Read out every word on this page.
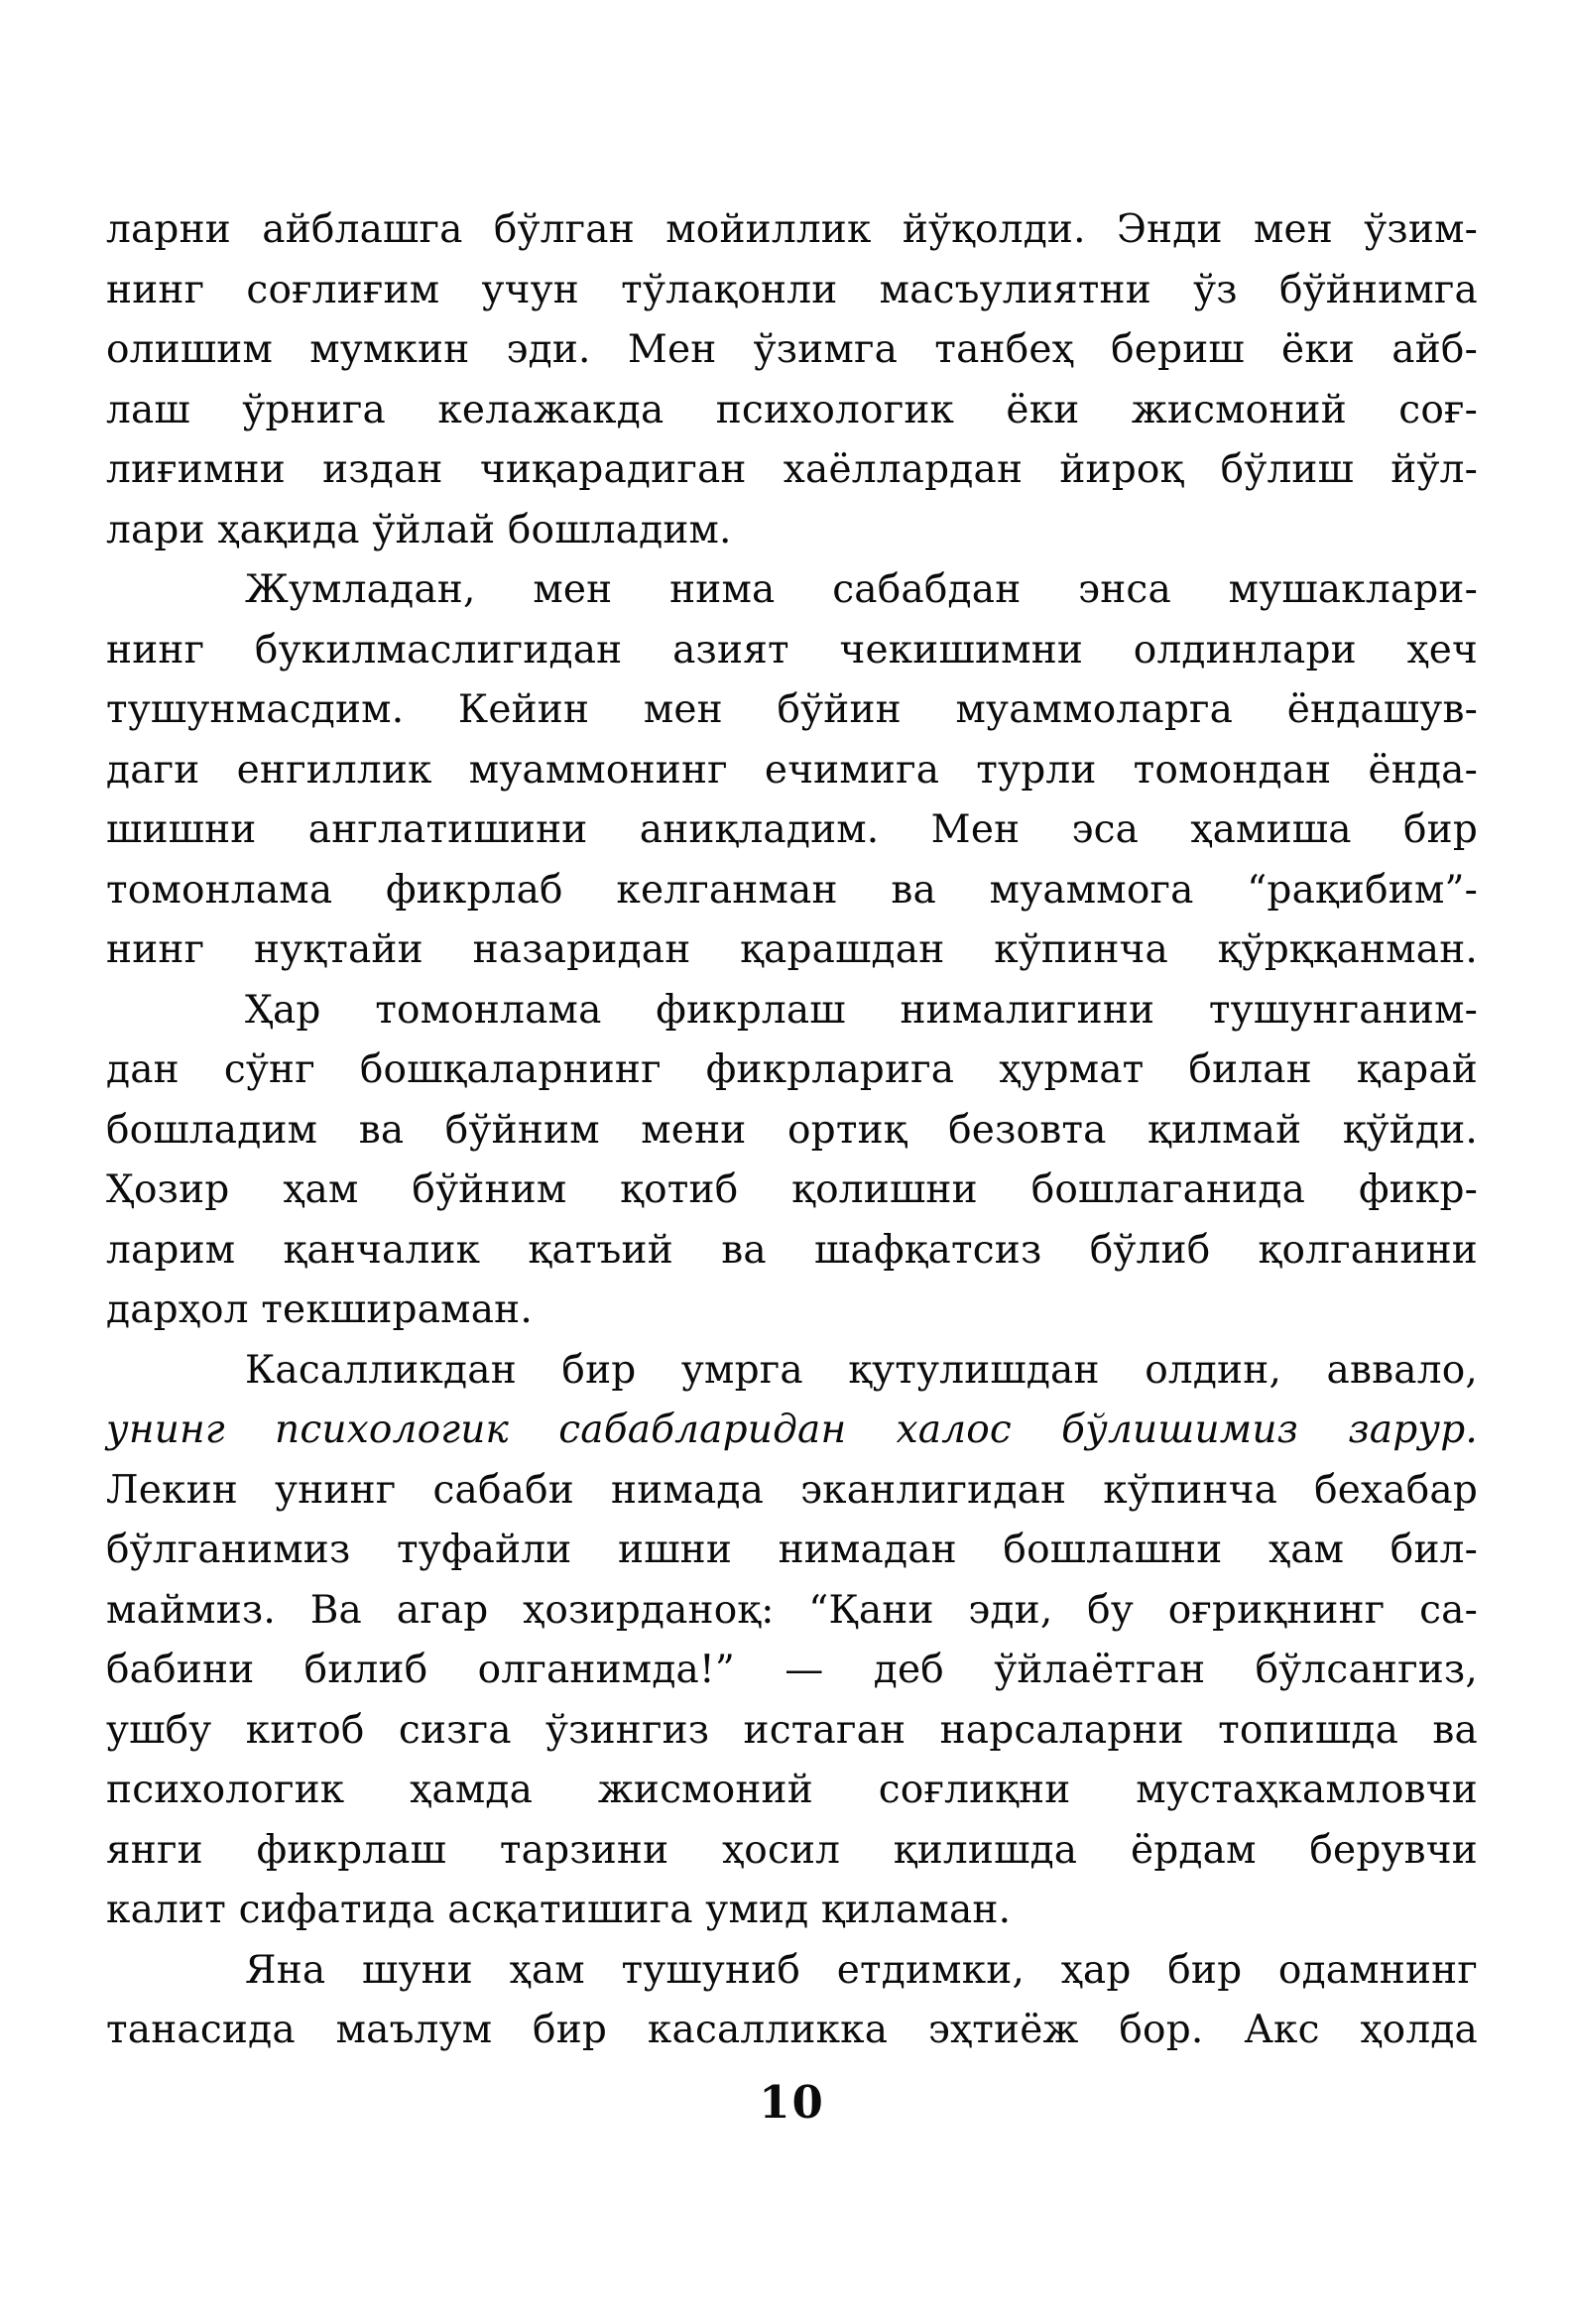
ларни айблашга бўлган мойиллик йўқолди. Энди мен ўзим-
нинг соғлиғим учун тўлақонли масъулиятни ўз бўйнимга
олишим мумкин эди. Мен ўзимга танбеҳ бериш ёки айб-
лаш ўрнига келажакда психологик ёки жисмоний соғ-
лиғимни издан чиқарадиган хаёллардан йироқ бўлиш йўл-
лари ҳақида ўйлай бошладим.
Жумладан, мен нима сабабдан энса мушаклари-
нинг букилмаслигидан азият чекишимни олдинлари ҳеч
тушунмасдим. Кейин мен бўйин муаммоларга ёндашув-
даги енгиллик муаммонинг ечимига турли томондан ёнда-
шишни англатишини аниқладим. Мен эса ҳамиша бир
томонлама фикрлаб келганман ва муаммога “рақибим”-
нинг нуқтайи назаридан қарашдан кўпинча қўрққанман.
Ҳар томонлама фикрлаш нималигини тушунганим-
дан сўнг бошқаларнинг фикрларига ҳурмат билан қарай
бошладим ва бўйним мени ортиқ безовта қилмай қўйди.
Ҳозир ҳам бўйним қотиб қолишни бошлаганида фикр-
ларим қанчалик қатъий ва шафқатсиз бўлиб қолганини
дарҳол текшираман.
Касалликдан бир умрга қутулишдан олдин, аввало,
унинг психологик сабабларидан халос бўлишимиз зарур.
Лекин унинг сабаби нимада эканлигидан кўпинча бехабар
бўлганимиз туфайли ишни нимадан бошлашни ҳам бил-
маймиз. Ва агар ҳозирданоқ: “Қани эди, бу оғриқнинг са-
бабини билиб олганимда!” — деб ўйлаётган бўлсангиз,
ушбу китоб сизга ўзингиз истаган нарсаларни топишда ва
психологик ҳамда жисмоний соғлиқни мустаҳкамловчи
янги фикрлаш тарзини ҳосил қилишда ёрдам берувчи
калит сифатида асқатишига умид қиламан.
Яна шуни ҳам тушуниб етдимки, ҳар бир одамнинг
танасида маълум бир касалликка эҳтиёж бор. Акс ҳолда
10
